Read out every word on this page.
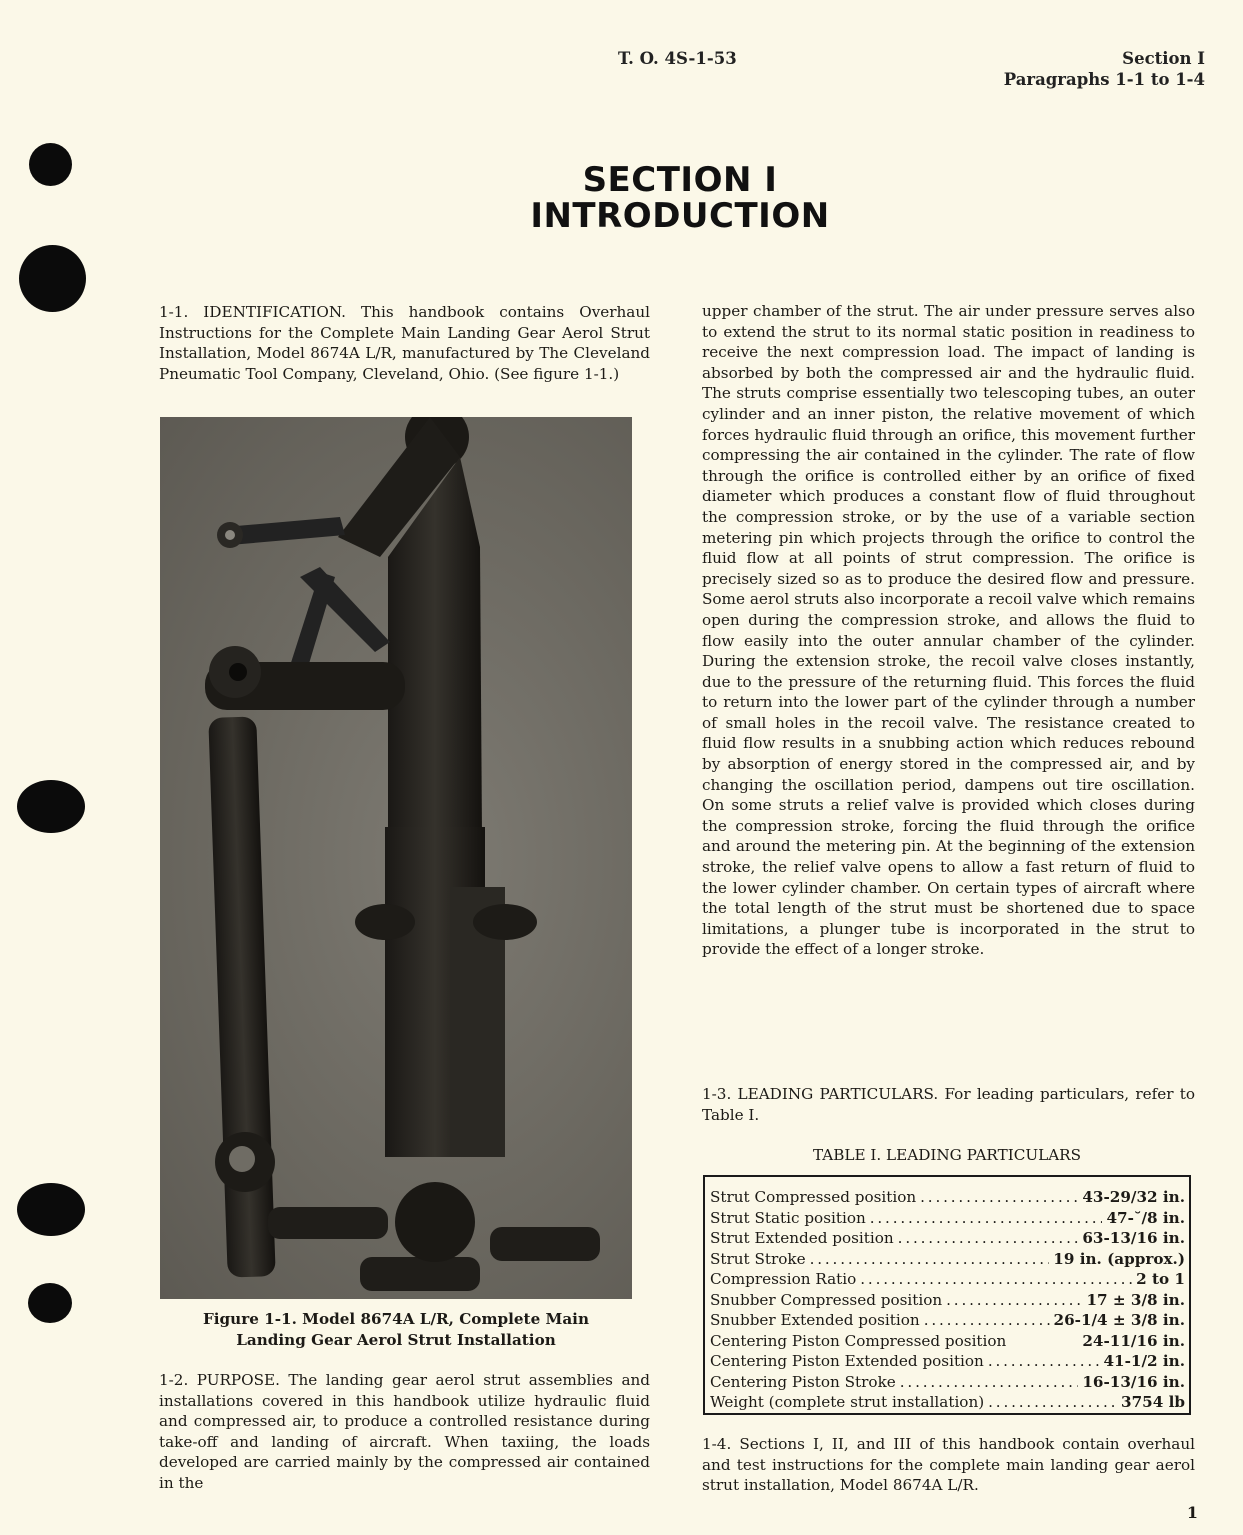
T. O. 4S-1-53	Section I
Paragraphs 1-1 to 1-4
SECTION I
INTRODUCTION

1-1. IDENTIFICATION. This handbook contains Overhaul Instructions for the Complete Main Landing Gear Aerol Strut Installation, Model 8674A L/R, manufactured by The Cleveland Pneumatic Tool Company, Cleveland, Ohio. (See figure 1-1.)

Figure 1-1. Model 8674A L/R, Complete Main
Landing Gear Aerol Strut Installation

1-2. PURPOSE. The landing gear aerol strut assemblies and installations covered in this handbook utilize hydraulic fluid and compressed air, to produce a controlled resistance during take-off and landing of aircraft. When taxiing, the loads developed are carried mainly by the compressed air contained in the

upper chamber of the strut. The air under pressure serves also to extend the strut to its normal static position in readiness to receive the next compression load. The impact of landing is absorbed by both the compressed air and the hydraulic fluid. The struts comprise essentially two telescoping tubes, an outer cylinder and an inner piston, the relative movement of which forces hydraulic fluid through an orifice, this movement further compressing the air contained in the cylinder. The rate of flow through the orifice is controlled either by an orifice of fixed diameter which produces a constant flow of fluid throughout the compression stroke, or by the use of a variable section metering pin which projects through the orifice to control the fluid flow at all points of strut compression. The orifice is precisely sized so as to produce the desired flow and pressure. Some aerol struts also incorporate a recoil valve which remains open during the compression stroke, and allows the fluid to flow easily into the outer annular chamber of the cylinder. During the extension stroke, the recoil valve closes instantly, due to the pressure of the returning fluid. This forces the fluid to return into the lower part of the cylinder through a number of small holes in the recoil valve. The resistance created to fluid flow results in a snubbing action which reduces rebound by absorption of energy stored in the compressed air, and by changing the oscillation period, dampens out tire oscillation. On some struts a relief valve is provided which closes during the compression stroke, forcing the fluid through the orifice and around the metering pin. At the beginning of the extension stroke, the relief valve opens to allow a fast return of fluid to the lower cylinder chamber. On certain types of aircraft where the total length of the strut must be shortened due to space limitations, a plunger tube is incorporated in the strut to provide the effect of a longer stroke.

1-3. LEADING PARTICULARS. For leading particulars, refer to Table I.

TABLE I. LEADING PARTICULARS
Strut Compressed position . . .	43-29/32 in.
Strut Static position . . .	47-˘/8 in.
Strut Extended position . . .	63-13/16 in.
Strut Stroke . . .	19 in. (approx.)
Compression Ratio . . .	2 to 1
Snubber Compressed position . . .	17 ± 3/8 in.
Snubber Extended position . . .	26-1/4 ± 3/8 in.
Centering Piston Compressed position	24-11/16 in.
Centering Piston Extended position . . .	41-1/2 in.
Centering Piston Stroke . . .	16-13/16 in.
Weight (complete strut installation) . . .	3754 lb

1-4. Sections I, II, and III of this handbook contain overhaul and test instructions for the complete main landing gear aerol strut installation, Model 8674A L/R.

1
